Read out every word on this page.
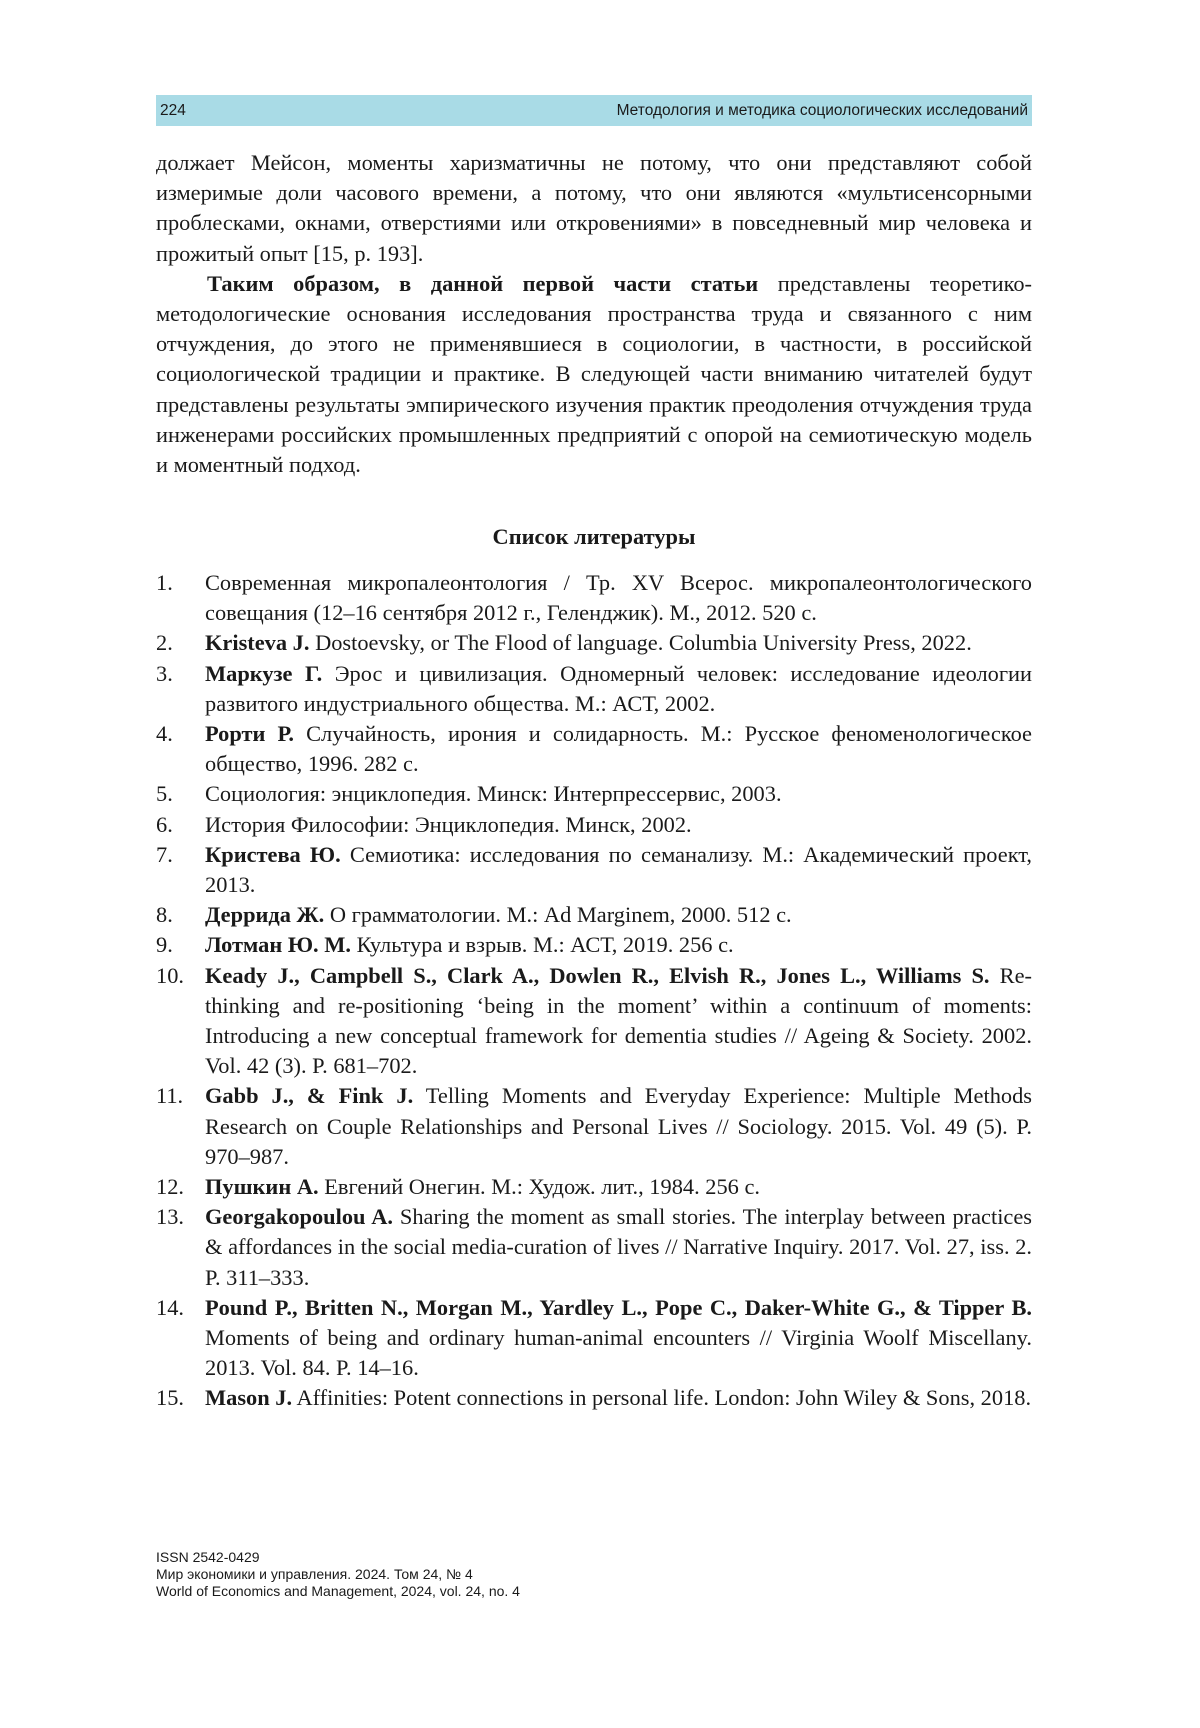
224	Методология и методика социологических исследований

должает Мейсон, моменты харизматичны не потому, что они представляют собой измеримые доли часового времени, а потому, что они являются «мультисенсорными проблесками, окнами, отверстиями или откровениями» в повседневный мир человека и прожитый опыт [15, p. 193].

Таким образом, в данной первой части статьи представлены теоретико-методологические основания исследования пространства труда и связанного с ним отчуждения, до этого не применявшиеся в социологии, в частности, в российской социологической традиции и практике. В следующей части вниманию читателей будут представлены результаты эмпирического изучения практик преодоления отчуждения труда инженерами российских промышленных предприятий с опорой на семиотическую модель и моментный подход.

Список литературы
1. Современная микропалеонтология / Тр. XV Всерос. микропалеонтологического совещания (12–16 сентября 2012 г., Геленджик). М., 2012. 520 с.
2. Kristeva J. Dostoevsky, or The Flood of language. Columbia University Press, 2022.
3. Маркузе Г. Эрос и цивилизация. Одномерный человек: исследование идеологии развитого индустриального общества. М.: АСТ, 2002.
4. Рорти Р. Случайность, ирония и солидарность. М.: Русское феноменологическое общество, 1996. 282 с.
5. Социология: энциклопедия. Минск: Интерпрессервис, 2003.
6. История Философии: Энциклопедия. Минск, 2002.
7. Кристева Ю. Семиотика: исследования по семанализу. М.: Академический проект, 2013.
8. Деррида Ж. О грамматологии. М.: Ad Marginem, 2000. 512 с.
9. Лотман Ю. М. Культура и взрыв. М.: АСТ, 2019. 256 с.
10. Keady J., Campbell S., Clark A., Dowlen R., Elvish R., Jones L., Williams S. Re-thinking and re-positioning ‘being in the moment’ within a continuum of moments: Introducing a new conceptual framework for dementia studies // Ageing & Society. 2002. Vol. 42 (3). P. 681–702.
11. Gabb J., & Fink J. Telling Moments and Everyday Experience: Multiple Methods Research on Couple Relationships and Personal Lives // Sociology. 2015. Vol. 49 (5). P. 970–987.
12. Пушкин А. Евгений Онегин. М.: Худож. лит., 1984. 256 с.
13. Georgakopoulou A. Sharing the moment as small stories. The interplay between practices & affordances in the social media-curation of lives // Narrative Inquiry. 2017. Vol. 27, iss. 2. P. 311–333.
14. Pound P., Britten N., Morgan M., Yardley L., Pope C., Daker-White G., & Tipper B. Moments of being and ordinary human-animal encounters // Virginia Woolf Miscellany. 2013. Vol. 84. P. 14–16.
15. Mason J. Affinities: Potent connections in personal life. London: John Wiley & Sons, 2018.
ISSN 2542-0429
Мир экономики и управления. 2024. Том 24, № 4
World of Economics and Management, 2024, vol. 24, no. 4
